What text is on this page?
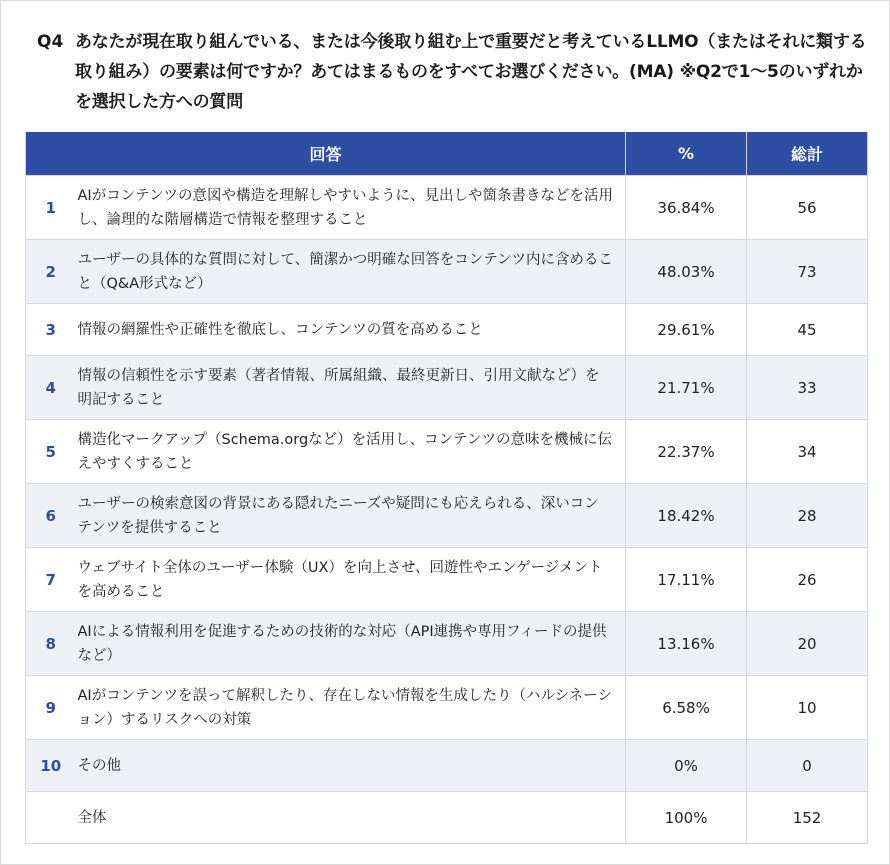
Q4 あなたが現在取り組んでいる、または今後取り組む上で重要だと考えているLLMO（またはそれに類する取り組み）の要素は何ですか？あてはまるものをすべてお選びください。(MA) ※Q2で1〜5のいずれかを選択した方への質問
回答		%	総計
1	AIがコンテンツの意図や構造を理解しやすいように、見出しや箇条書きなどを活用し、論理的な階層構造で情報を整理すること	36.84%	56
2	ユーザーの具体的な質問に対して、簡潔かつ明確な回答をコンテンツ内に含めること（Q&A形式など）	48.03%	73
3	情報の網羅性や正確性を徹底し、コンテンツの質を高めること	29.61%	45
4	情報の信頼性を示す要素（著者情報、所属組織、最終更新日、引用文献など）を明記すること	21.71%	33
5	構造化マークアップ（Schema.orgなど）を活用し、コンテンツの意味を機械に伝えやすくすること	22.37%	34
6	ユーザーの検索意図の背景にある隠れたニーズや疑問にも応えられる、深いコンテンツを提供すること	18.42%	28
7	ウェブサイト全体のユーザー体験（UX）を向上させ、回遊性やエンゲージメントを高めること	17.11%	26
8	AIによる情報利用を促進するための技術的な対応（API連携や専用フィードの提供など）	13.16%	20
9	AIがコンテンツを誤って解釈したり、存在しない情報を生成したり（ハルシネーション）するリスクへの対策	6.58%	10
10	その他	0%	0
	全体	100%	152
